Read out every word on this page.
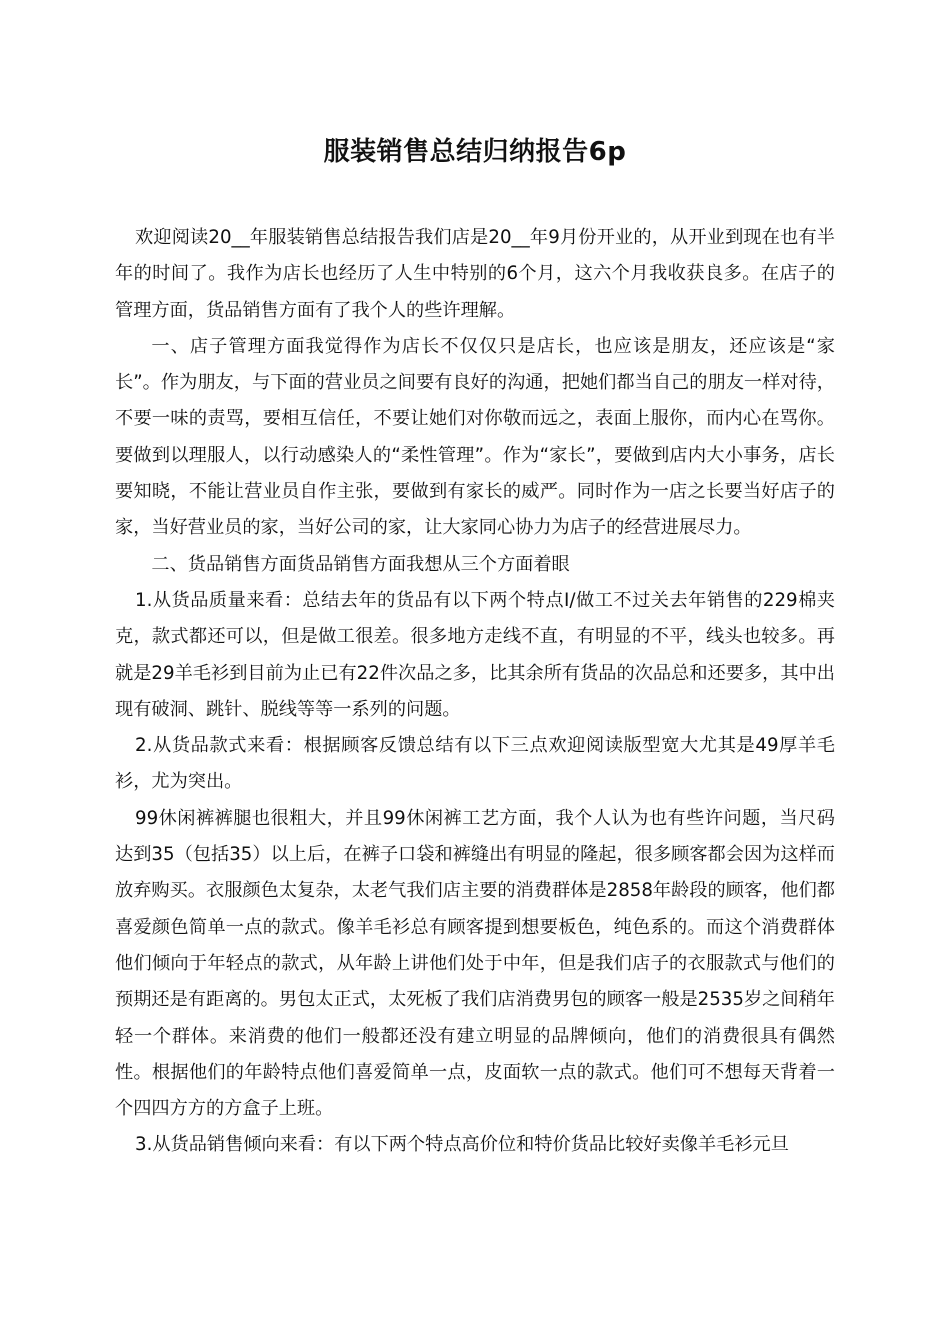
服装销售总结归纳报告6p

欢迎阅读20__年服装销售总结报告我们店是20__年9月份开业的，从开业到现在也有半年的时间了。我作为店长也经历了人生中特别的6个月，这六个月我收获良多。在店子的管理方面，货品销售方面有了我个人的些许理解。

一、店子管理方面我觉得作为店长不仅仅只是店长，也应该是朋友，还应该是“家长”。作为朋友，与下面的营业员之间要有良好的沟通，把她们都当自己的朋友一样对待，不要一味的责骂，要相互信任，不要让她们对你敬而远之，表面上服你，而内心在骂你。要做到以理服人，以行动感染人的“柔性管理”。作为“家长”，要做到店内大小事务，店长要知晓，不能让营业员自作主张，要做到有家长的威严。同时作为一店之长要当好店子的家，当好营业员的家，当好公司的家，让大家同心协力为店子的经营进展尽力。

二、货品销售方面货品销售方面我想从三个方面着眼

1.从货品质量来看：总结去年的货品有以下两个特点I/做工不过关去年销售的229棉夹克，款式都还可以，但是做工很差。很多地方走线不直，有明显的不平，线头也较多。再就是29羊毛衫到目前为止已有22件次品之多，比其余所有货品的次品总和还要多，其中出现有破洞、跳针、脱线等等一系列的问题。

2.从货品款式来看：根据顾客反馈总结有以下三点欢迎阅读版型宽大尤其是49厚羊毛衫，尤为突出。

99休闲裤裤腿也很粗大，并且99休闲裤工艺方面，我个人认为也有些许问题，当尺码达到35（包括35）以上后，在裤子口袋和裤缝出有明显的隆起，很多顾客都会因为这样而放弃购买。衣服颜色太复杂，太老气我们店主要的消费群体是2858年龄段的顾客，他们都喜爱颜色简单一点的款式。像羊毛衫总有顾客提到想要板色，纯色系的。而这个消费群体他们倾向于年轻点的款式，从年龄上讲他们处于中年，但是我们店子的衣服款式与他们的预期还是有距离的。男包太正式，太死板了我们店消费男包的顾客一般是2535岁之间稍年轻一个群体。来消费的他们一般都还没有建立明显的品牌倾向，他们的消费很具有偶然性。根据他们的年龄特点他们喜爱简单一点，皮面软一点的款式。他们可不想每天背着一个四四方方的方盒子上班。

3.从货品销售倾向来看：有以下两个特点高价位和特价货品比较好卖像羊毛衫元旦
